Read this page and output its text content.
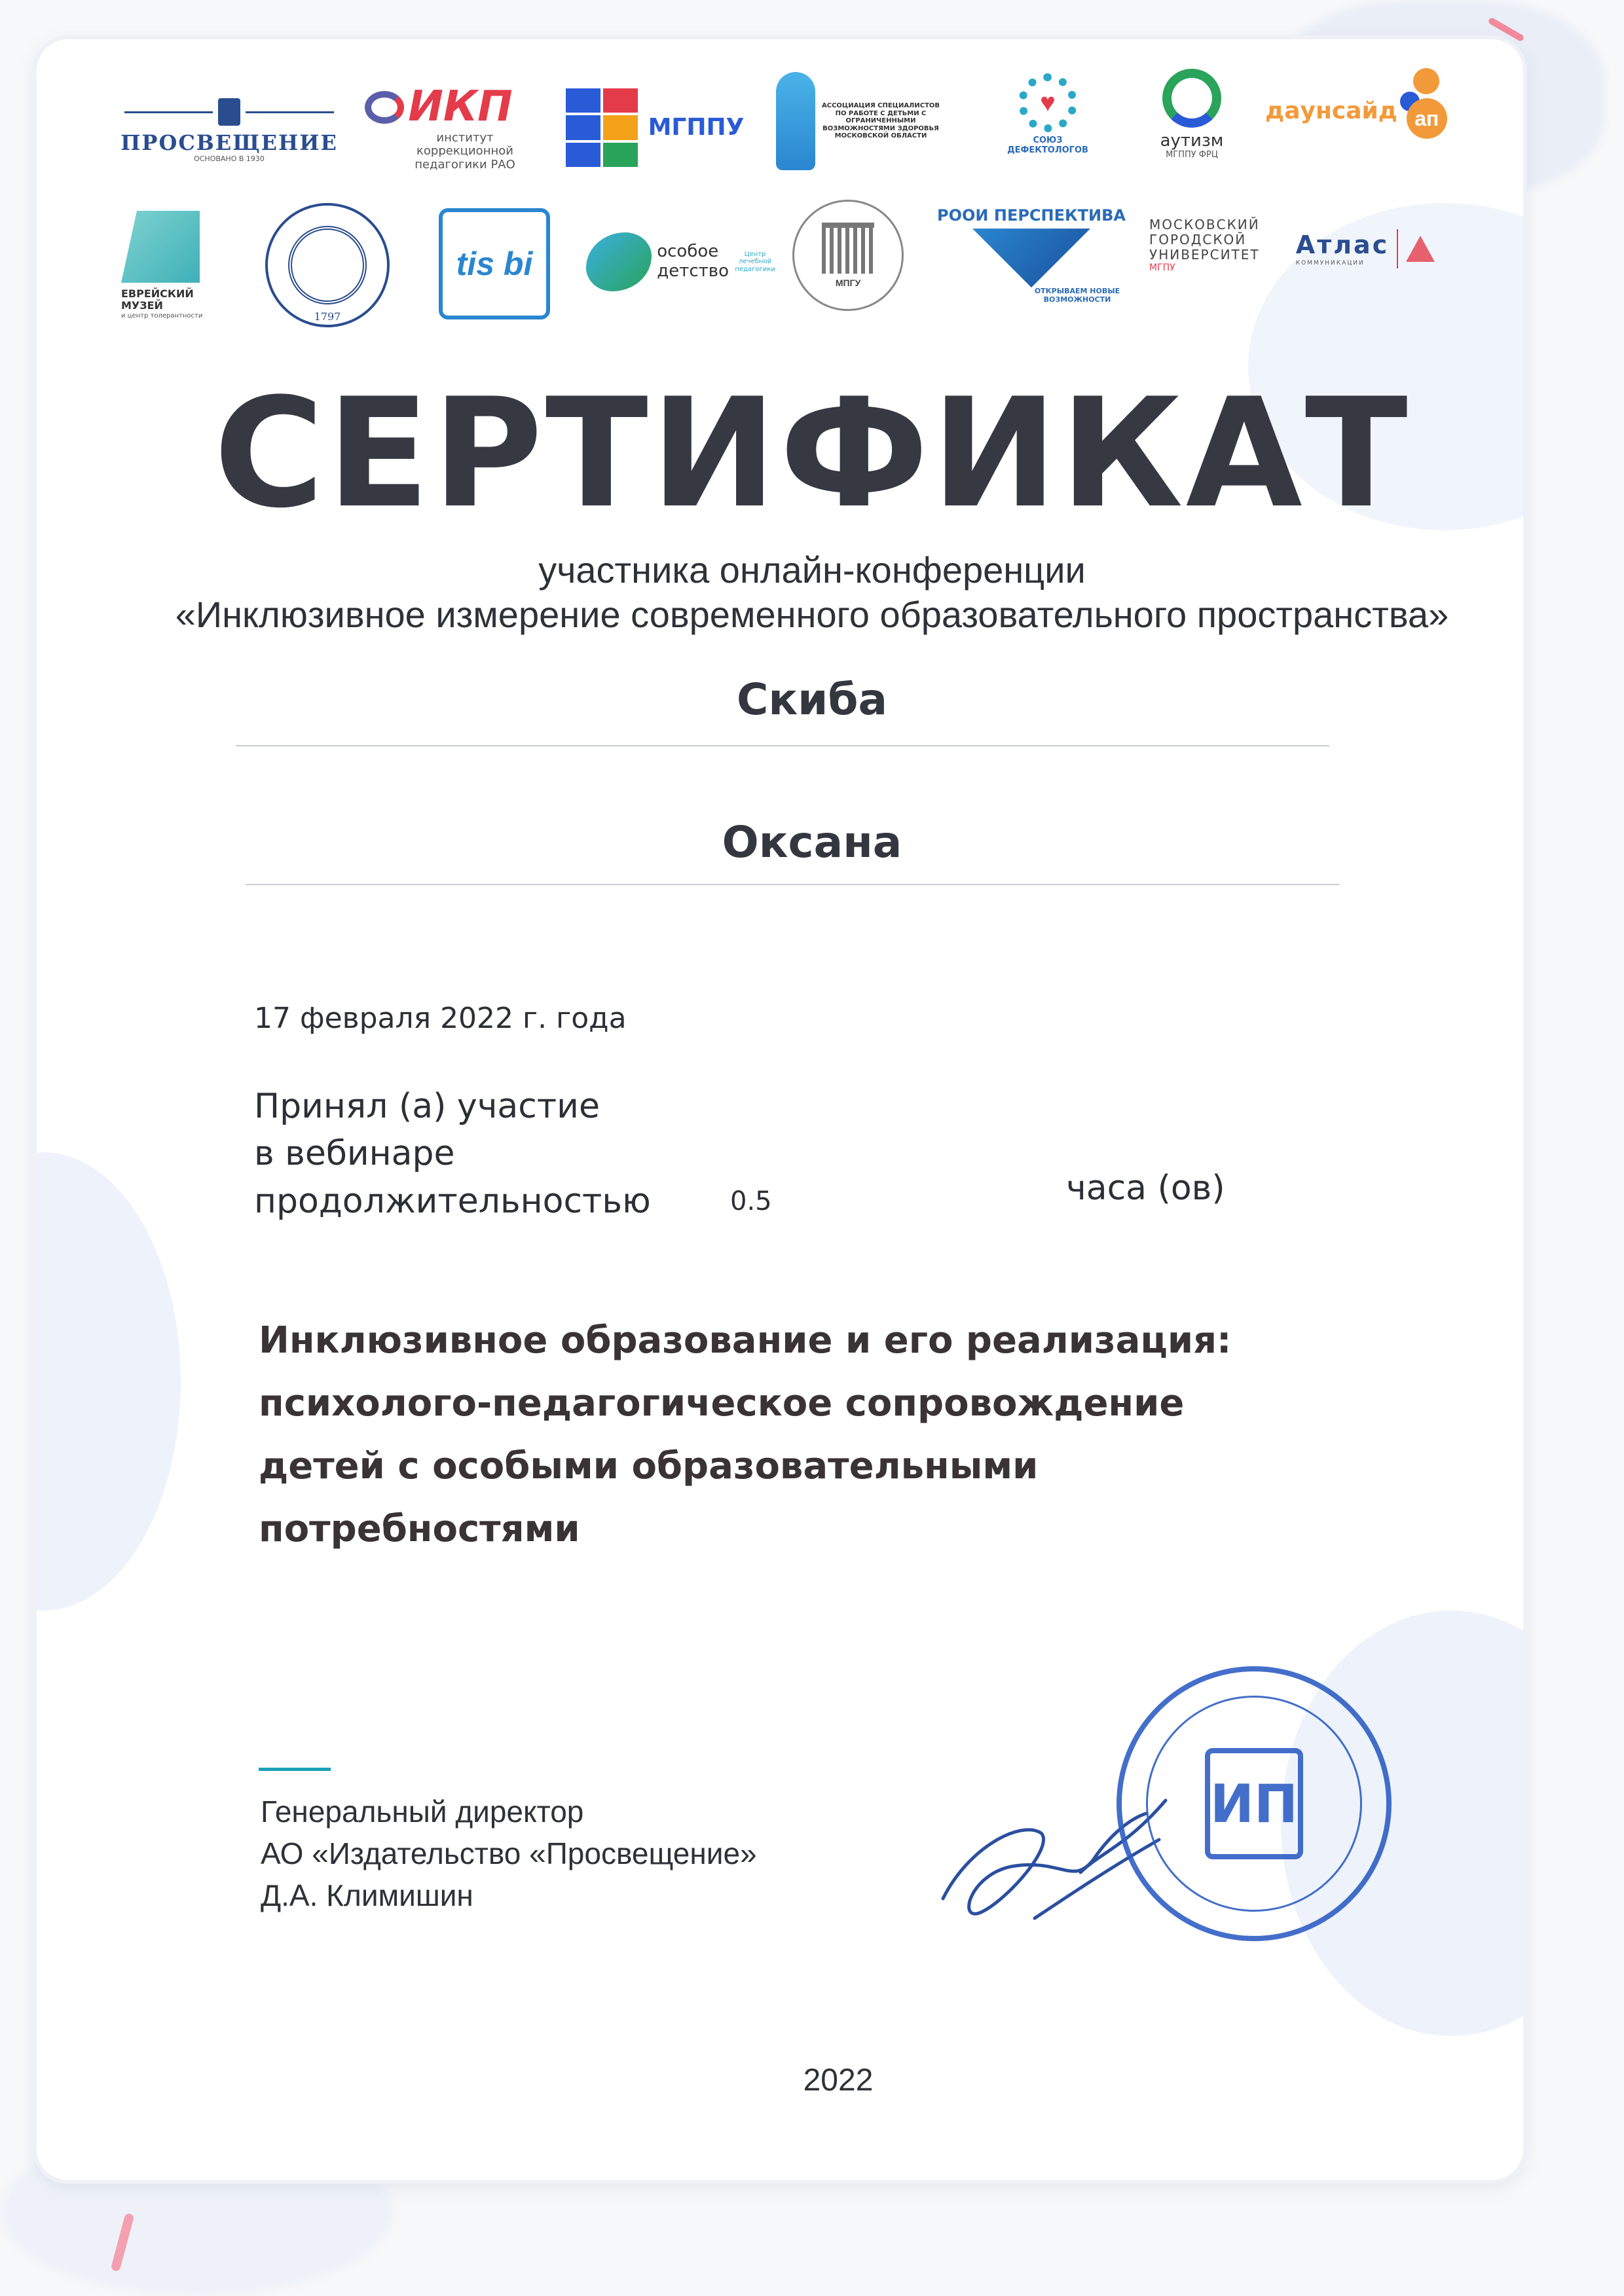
ПРОСВЕЩЕНИЕ
ОСНОВАНО В 1930
ИКП
институт коррекционной педагогики РАО
МГППУ
АССОЦИАЦИЯ СПЕЦИАЛИСТОВ ПО РАБОТЕ С ДЕТЬМИ С ОГРАНИЧЕННЫМИ ВОЗМОЖНОСТЯМИ ЗДОРОВЬЯ МОСКОВСКОЙ ОБЛАСТИ
♥
СОЮЗ ДЕФЕКТОЛОГОВ	аутизм
МГППУ ФРЦ
даунсайд ап
ЕВРЕЙСКИЙ МУЗЕЙ
и центр толерантности	1797
tis bi	особое детство
Центр лечебной педагогики
МПГУ
РООИ ПЕРСПЕКТИВА
ОТКРЫВАЕМ НОВЫЕ ВОЗМОЖНОСТИ
МОСКОВСКИЙ
ГОРОДСКОЙ
УНИВЕРСИТЕТ
МГПУ
Атлас
КОММУНИКАЦИИ
СЕРТИФИКАТ
участника онлайн-конференции
«Инклюзивное измерение современного образовательного пространства»
Скиба
Оксана
17 февраля 2022 г. года
Принял (а) участие
в вебинаре
продолжительностью	0.5	часа (ов)
Инклюзивное образование и его реализация:
психолого-педагогическое сопровождение
детей с особыми образовательными
потребностями
Генеральный директор
АО «Издательство «Просвещение»
Д.А. Климишин
ИП
2022
